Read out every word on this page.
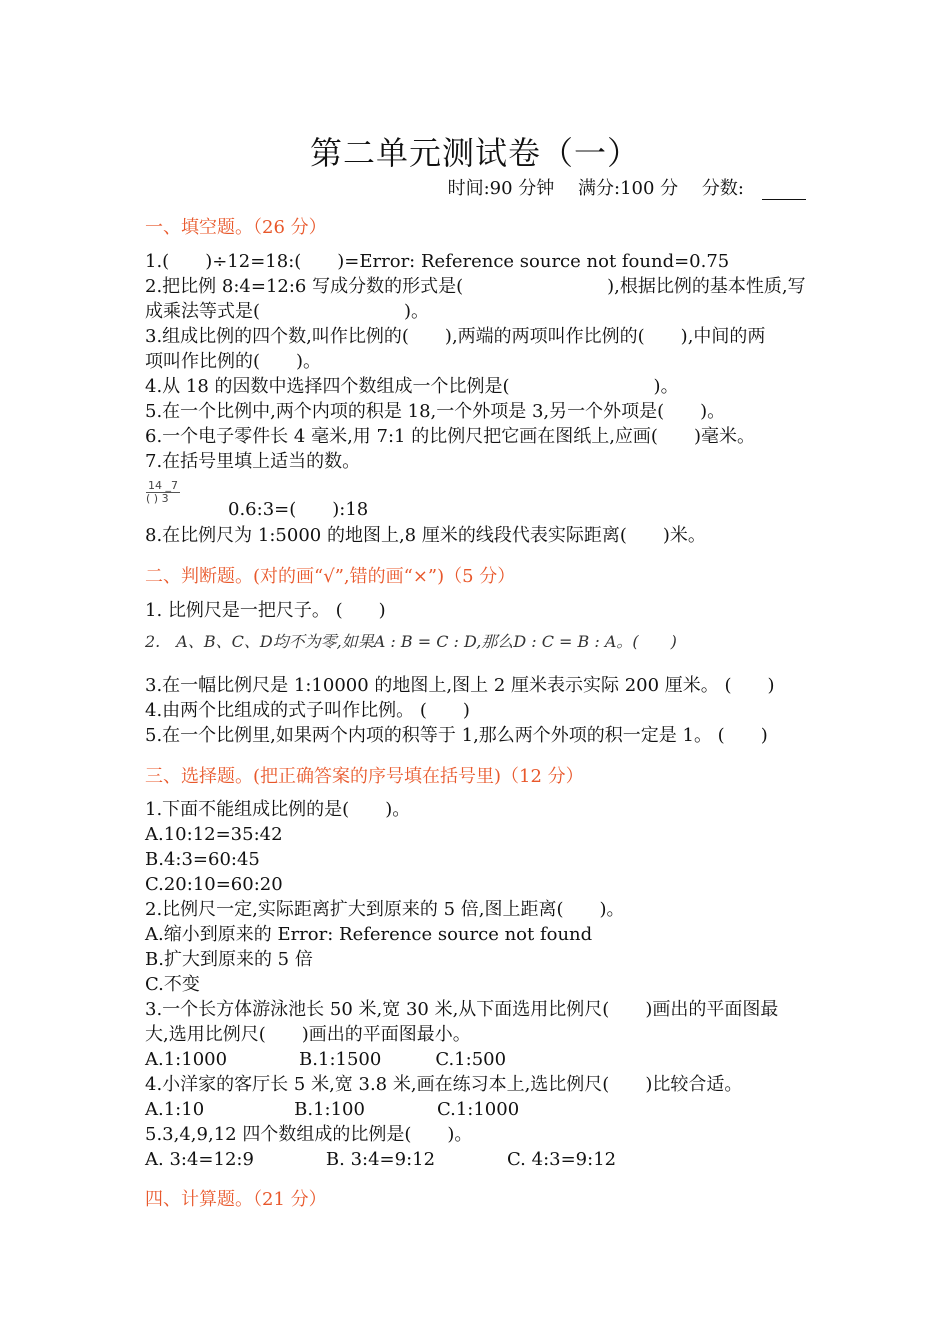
第二单元测试卷（一）
时间:90 分钟 满分:100 分 分数:
一、填空题。（26 分）
1.(　　)÷12=18:(　　)=Error: Reference source not found=0.75
2.把比例 8:4=12:6 写成分数的形式是(　　　　　　　　),根据比例的基本性质,写
成乘法等式是(　　　　　　　　)。
3.组成比例的四个数,叫作比例的(　　),两端的两项叫作比例的(　　),中间的两
项叫作比例的(　　)。
4.从 18 的因数中选择四个数组成一个比例是(　　　　　　　　)。
5.在一个比例中,两个内项的积是 18,一个外项是 3,另一个外项是(　　)。
6.一个电子零件长 4 毫米,用 7:1 的比例尺把它画在图纸上,应画(　　)毫米。
7.在括号里填上适当的数。
$\frac{14 \_7}{( ) 3}$
0.6:3=(　　):18
8.在比例尺为 1:5000 的地图上,8 厘米的线段代表实际距离(　　)米。
二、判断题。(对的画“√”,错的画“×”)（5 分）
1. 比例尺是一把尺子。 (　　)
2.　A、B、C、D均不为零,如果A : B = C : D,那么D : C = B : A。(　　)
3.在一幅比例尺是 1:10000 的地图上,图上 2 厘米表示实际 200 厘米。 (　　)
4.由两个比组成的式子叫作比例。 (　　)
5.在一个比例里,如果两个内项的积等于 1,那么两个外项的积一定是 1。 (　　)
三、选择题。(把正确答案的序号填在括号里)（12 分）
1.下面不能组成比例的是(　　)。
A.10:12=35:42
B.4:3=60:45
C.20:10=60:20
2.比例尺一定,实际距离扩大到原来的 5 倍,图上距离(　　)。
A.缩小到原来的 Error: Reference source not found
B.扩大到原来的 5 倍
C.不变
3.一个长方体游泳池长 50 米,宽 30 米,从下面选用比例尺(　　)画出的平面图最
大,选用比例尺(　　)画出的平面图最小。
A.1:1000　　　　B.1:1500　　　C.1:500
4.小洋家的客厅长 5 米,宽 3.8 米,画在练习本上,选比例尺(　　)比较合适。
A.1:10　　　　　B.1:100　　　　C.1:1000
5.3,4,9,12 四个数组成的比例是(　　)。
A. 3:4=12:9　　　　B. 3:4=9:12　　　　C. 4:3=9:12
四、计算题。（21 分）
